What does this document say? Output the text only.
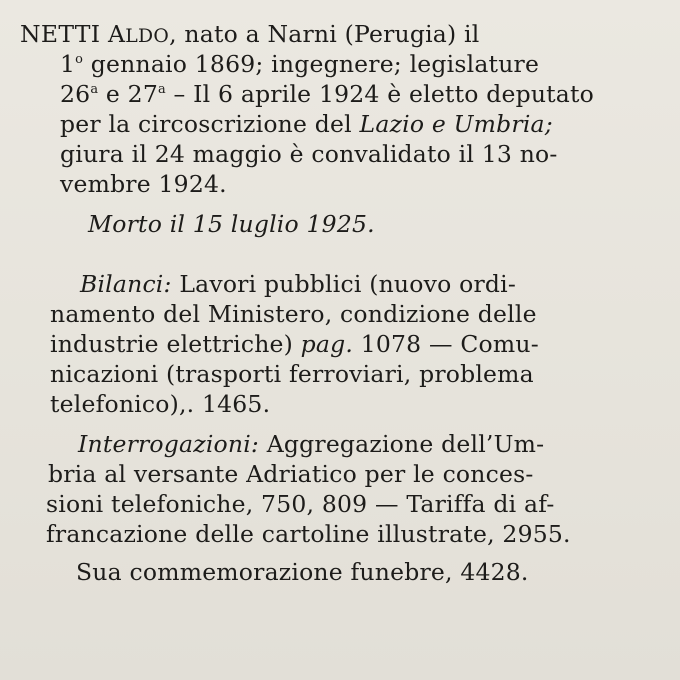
NETTI ALDO, nato a Narni (Perugia) il
1$^o$ gennaio 1869; ingegnere; legislature
26$^a$ e 27$^a$ – Il 6 aprile 1924 è eletto deputato
per la circoscrizione del Lazio e Umbria;
giura il 24 maggio è convalidato il 13 no-
vembre 1924.
Morto il 15 luglio 1925.
Bilanci: Lavori pubblici (nuovo ordi-
namento del Ministero, condizione delle
industrie elettriche) pag. 1078 — Comu-
nicazioni (trasporti ferroviari, problema
telefonico),. 1465.
Interrogazioni: Aggregazione dell’Um-
bria al versante Adriatico per le conces-
sioni telefoniche, 750, 809 — Tariffa di af-
francazione delle cartoline illustrate, 2955.
Sua commemorazione funebre, 4428.
